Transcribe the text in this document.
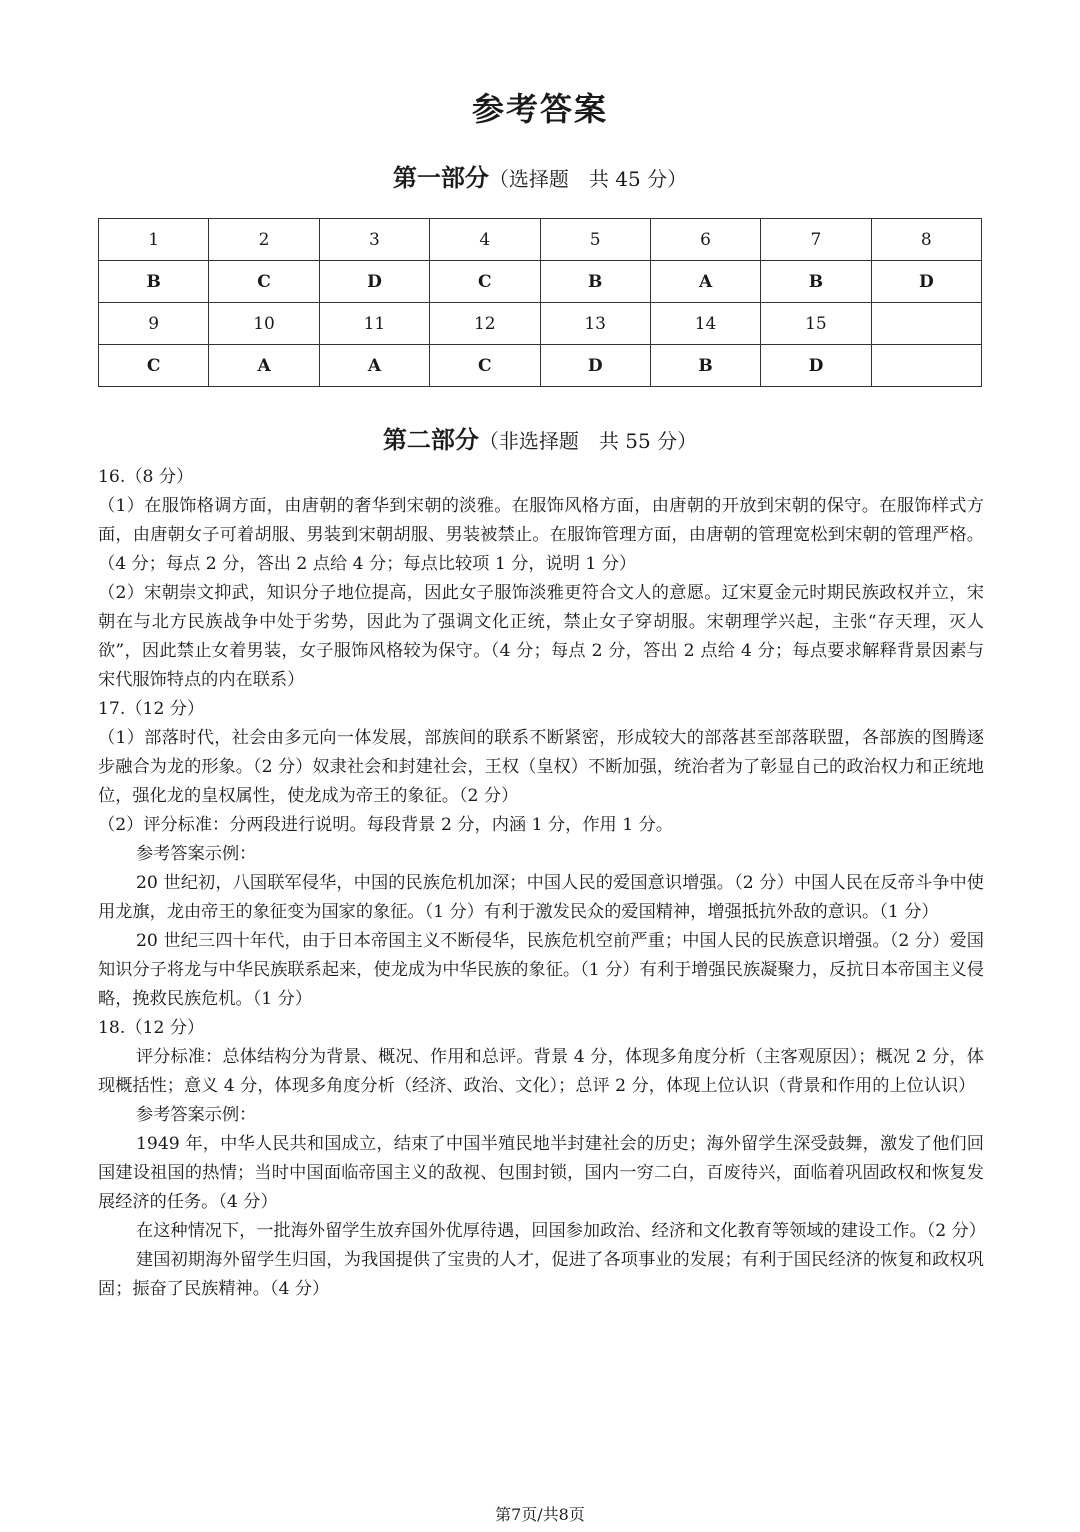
参考答案
第一部分（选择题　共 45 分）
1	2	3	4	5	6	7	8
B	C	D	C	B	A	B	D
9	10	11	12	13	14	15	
C	A	A	C	D	B	D	
第二部分（非选择题　共 55 分）

16.（8 分）

（1）在服饰格调方面，由唐朝的奢华到宋朝的淡雅。在服饰风格方面，由唐朝的开放到宋朝的保守。在服饰样式方面，由唐朝女子可着胡服、男装到宋朝胡服、男装被禁止。在服饰管理方面，由唐朝的管理宽松到宋朝的管理严格。（4 分；每点 2 分，答出 2 点给 4 分；每点比较项 1 分，说明 1 分）

（2）宋朝崇文抑武，知识分子地位提高，因此女子服饰淡雅更符合文人的意愿。辽宋夏金元时期民族政权并立，宋朝在与北方民族战争中处于劣势，因此为了强调文化正统，禁止女子穿胡服。宋朝理学兴起，主张“存天理，灭人欲”，因此禁止女着男装，女子服饰风格较为保守。（4 分；每点 2 分，答出 2 点给 4 分；每点要求解释背景因素与宋代服饰特点的内在联系）

17.（12 分）

（1）部落时代，社会由多元向一体发展，部族间的联系不断紧密，形成较大的部落甚至部落联盟，各部族的图腾逐步融合为龙的形象。（2 分）奴隶社会和封建社会，王权（皇权）不断加强，统治者为了彰显自己的政治权力和正统地位，强化龙的皇权属性，使龙成为帝王的象征。（2 分）

（2）评分标准：分两段进行说明。每段背景 2 分，内涵 1 分，作用 1 分。

参考答案示例：

20 世纪初，八国联军侵华，中国的民族危机加深；中国人民的爱国意识增强。（2 分）中国人民在反帝斗争中使用龙旗，龙由帝王的象征变为国家的象征。（1 分）有利于激发民众的爱国精神，增强抵抗外敌的意识。（1 分）

20 世纪三四十年代，由于日本帝国主义不断侵华，民族危机空前严重；中国人民的民族意识增强。（2 分）爱国知识分子将龙与中华民族联系起来，使龙成为中华民族的象征。（1 分）有利于增强民族凝聚力，反抗日本帝国主义侵略，挽救民族危机。（1 分）

18.（12 分）

评分标准：总体结构分为背景、概况、作用和总评。背景 4 分，体现多角度分析（主客观原因）；概况 2 分，体现概括性；意义 4 分，体现多角度分析（经济、政治、文化）；总评 2 分，体现上位认识（背景和作用的上位认识）

参考答案示例：

1949 年，中华人民共和国成立，结束了中国半殖民地半封建社会的历史；海外留学生深受鼓舞，激发了他们回国建设祖国的热情；当时中国面临帝国主义的敌视、包围封锁，国内一穷二白，百废待兴，面临着巩固政权和恢复发展经济的任务。（4 分）

在这种情况下，一批海外留学生放弃国外优厚待遇，回国参加政治、经济和文化教育等领域的建设工作。（2 分）

建国初期海外留学生归国，为我国提供了宝贵的人才，促进了各项事业的发展；有利于国民经济的恢复和政权巩固；振奋了民族精神。（4 分）

第7页/共8页
